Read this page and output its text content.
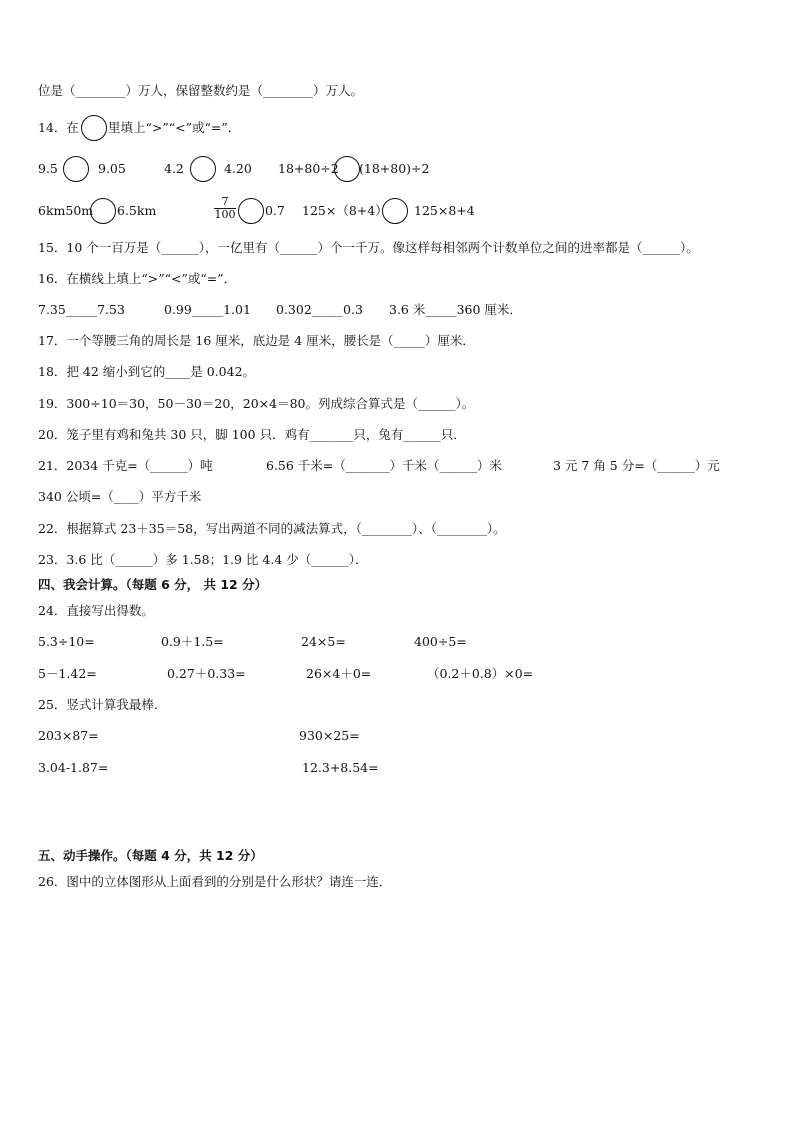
位是（________）万人，保留整数约是（________）万人。
14．在 里填上“>”“<”或“=”．
9.5	9.05	4.2	4.20 18+80÷2 (18+80)÷2
6km50m 6.5km	$\frac{7}{100} 0.7$ 125×（8+4） 125×8+4
15．10 个一百万是（______），一亿里有（______）个一千万。像这样每相邻两个计数单位之间的进率都是（______）。
16．在横线上填上“>”“<”或“=”．
7.35_____7.53	0.99_____1.01 0.302_____0.3 3.6 米_____360 厘米．
17．一个等腰三角的周长是 16 厘米，底边是 4 厘米，腰长是（_____）厘米．
18．把 42 缩小到它的____是 0.042。
19．300÷10＝30，50－30＝20，20×4＝80。列成综合算式是（______）。
20．笼子里有鸡和兔共 30 只，脚 100 只．鸡有_______只，兔有______只．
21．2034 千克=（______）吨	6.56 千米=（_______）千米（______）米	3 元 7 角 5 分=（______）元
340 公顷=（____）平方千米
22．根据算式 23＋35＝58，写出两道不同的减法算式，（________）、（________）。
23．3.6 比（______）多 1.58；1.9 比 4.4 少（______）．
四、我会计算。（每题 6 分， 共 12 分）
24．直接写出得数。
5.3÷10=	0.9＋1.5=	24×5=	400÷5=
5－1.42=	0.27＋0.33=	26×4＋0=	（0.2＋0.8）×0=
25．竖式计算我最棒．
203×87=	930×25=
3.04-1.87=	12.3+8.54=
五、动手操作。（每题 4 分，共 12 分）
26．图中的立体图形从上面看到的分别是什么形状？请连一连．
